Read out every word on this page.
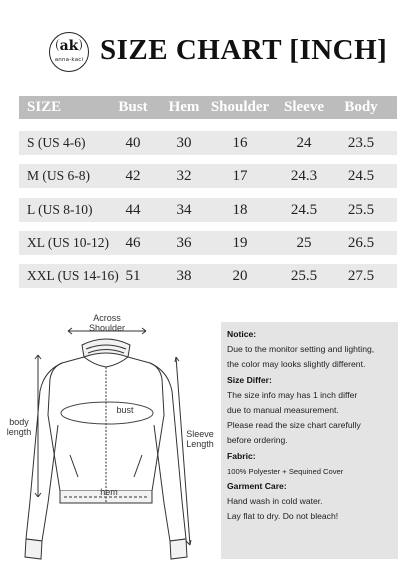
ak
anna-kaci SIZE CHART [INCH]
SIZE	Bust	Hem Shoulder Sleeve	Body
S (US 4-6)	40	30	16	24	23.5
M (US 6-8)	42	32	17	24.3	24.5
L (US 8-10)	44	34	18	24.5	25.5
XL (US 10-12)	46	36	19	25	26.5
XXL (US 14-16) 51	38	20	25.5	27.5
Across Shoulder
bust
body length	Sleeve Length
hem
Notice:
Due to the monitor setting and lighting,
the color may looks slightly different.
Size Differ:
The size info may has 1 inch differ
due to manual measurement.
Please read the size chart carefully
before ordering.
Fabric:
100% Polyester + Sequined Cover
Garment Care:
Hand wash in cold water.
Lay flat to dry. Do not bleach!
